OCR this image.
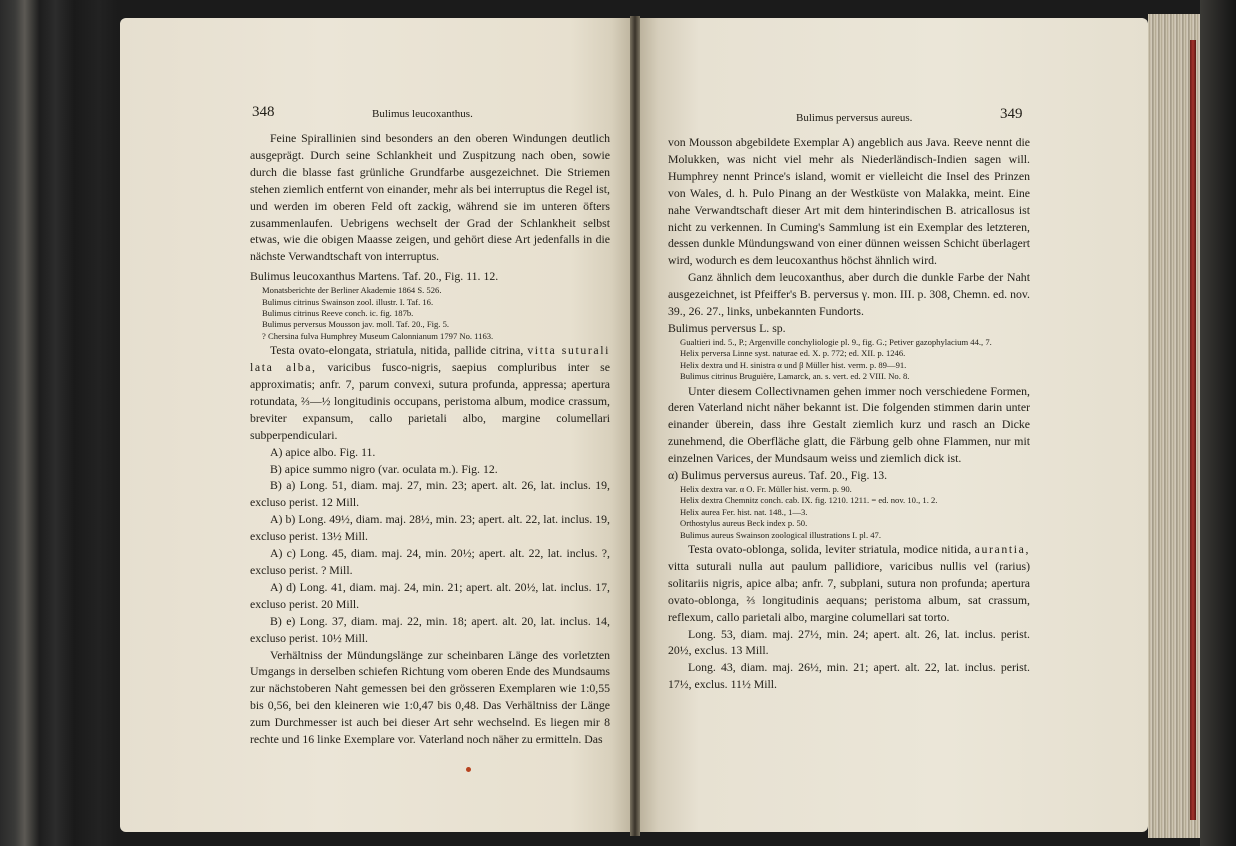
348	Bulimus leucoxanthus.

Feine Spirallinien sind besonders an den oberen Windungen deutlich ausgeprägt. Durch seine Schlankheit und Zuspitzung nach oben, sowie durch die blasse fast grünliche Grundfarbe ausgezeichnet. Die Striemen stehen ziemlich entfernt von einander, mehr als bei interruptus die Regel ist, und werden im oberen Feld oft zackig, während sie im unteren öfters zusammenlaufen. Uebrigens wechselt der Grad der Schlankheit selbst etwas, wie die obigen Maasse zeigen, und gehört diese Art jedenfalls in die nächste Verwandtschaft von interruptus.

Bulimus leucoxanthus Martens. Taf. 20., Fig. 11. 12.

Monatsberichte der Berliner Akademie 1864 S. 526.

Bulimus citrinus Swainson zool. illustr. I. Taf. 16.

Bulimus citrinus Reeve conch. ic. fig. 187b.

Bulimus perversus Mousson jav. moll. Taf. 20., Fig. 5.

? Chersina fulva Humphrey Museum Calonnianum 1797 No. 1163.

Testa ovato-elongata, striatula, nitida, pallide citrina, vitta suturali lata alba, varicibus fusco-nigris, saepius compluribus inter se approximatis; anfr. 7, parum convexi, sutura profunda, appressa; apertura rotundata, ⅔—½ longitudinis occupans, peristoma album, modice crassum, breviter expansum, callo parietali albo, margine columellari subperpendiculari.

A) apice albo. Fig. 11.

B) apice summo nigro (var. oculata m.). Fig. 12.

B) a) Long. 51, diam. maj. 27, min. 23; apert. alt. 26, lat. inclus. 19, excluso perist. 12 Mill.

A) b) Long. 49½, diam. maj. 28½, min. 23; apert. alt. 22, lat. inclus. 19, excluso perist. 13½ Mill.

A) c) Long. 45, diam. maj. 24, min. 20½; apert. alt. 22, lat. inclus. ?, excluso perist. ? Mill.

A) d) Long. 41, diam. maj. 24, min. 21; apert. alt. 20½, lat. inclus. 17, excluso perist. 20 Mill.

B) e) Long. 37, diam. maj. 22, min. 18; apert. alt. 20, lat. inclus. 14, excluso perist. 10½ Mill.

Verhältniss der Mündungslänge zur scheinbaren Länge des vorletzten Umgangs in derselben schiefen Richtung vom oberen Ende des Mundsaums zur nächstoberen Naht gemessen bei den grösseren Exemplaren wie 1:0,55 bis 0,56, bei den kleineren wie 1:0,47 bis 0,48. Das Verhältniss der Länge zum Durchmesser ist auch bei dieser Art sehr wechselnd. Es liegen mir 8 rechte und 16 linke Exemplare vor. Vaterland noch näher zu ermitteln. Das

Bulimus perversus aureus.	349

von Mousson abgebildete Exemplar A) angeblich aus Java. Reeve nennt die Molukken, was nicht viel mehr als Niederländisch-Indien sagen will. Humphrey nennt Prince's island, womit er vielleicht die Insel des Prinzen von Wales, d. h. Pulo Pinang an der Westküste von Malakka, meint. Eine nahe Verwandtschaft dieser Art mit dem hinterindischen B. atricallosus ist nicht zu verkennen. In Cuming's Sammlung ist ein Exemplar des letzteren, dessen dunkle Mündungswand von einer dünnen weissen Schicht überlagert wird, wodurch es dem leucoxanthus höchst ähnlich wird.

Ganz ähnlich dem leucoxanthus, aber durch die dunkle Farbe der Naht ausgezeichnet, ist Pfeiffer's B. perversus γ. mon. III. p. 308, Chemn. ed. nov. 39., 26. 27., links, unbekannten Fundorts.

Bulimus perversus L. sp.

Gualtieri ind. 5., P.; Argenville conchyliologie pl. 9., fig. G.; Petiver gazophylacium 44., 7.

Helix perversa Linne syst. naturae ed. X. p. 772; ed. XII. p. 1246.

Helix dextra und H. sinistra α und β Müller hist. verm. p. 89—91.

Bulimus citrinus Bruguière, Lamarck, an. s. vert. ed. 2 VIII. No. 8.

Unter diesem Collectivnamen gehen immer noch verschiedene Formen, deren Vaterland nicht näher bekannt ist. Die folgenden stimmen darin unter einander überein, dass ihre Gestalt ziemlich kurz und rasch an Dicke zunehmend, die Oberfläche glatt, die Färbung gelb ohne Flammen, nur mit einzelnen Varices, der Mundsaum weiss und ziemlich dick ist.

α) Bulimus perversus aureus. Taf. 20., Fig. 13.

Helix dextra var. α O. Fr. Müller hist. verm. p. 90.

Helix dextra Chemnitz conch. cab. IX. fig. 1210. 1211. = ed. nov. 10., 1. 2.

Helix aurea Fer. hist. nat. 148., 1—3.

Orthostylus aureus Beck index p. 50.

Bulimus aureus Swainson zoological illustrations I. pl. 47.

Testa ovato-oblonga, solida, leviter striatula, modice nitida, aurantia, vitta suturali nulla aut paulum pallidiore, varicibus nullis vel (rarius) solitariis nigris, apice alba; anfr. 7, subplani, sutura non profunda; apertura ovato-oblonga, ⅔ longitudinis aequans; peristoma album, sat crassum, reflexum, callo parietali albo, margine columellari sat torto.

Long. 53, diam. maj. 27½, min. 24; apert. alt. 26, lat. inclus. perist. 20½, exclus. 13 Mill.

Long. 43, diam. maj. 26½, min. 21; apert. alt. 22, lat. inclus. perist. 17½, exclus. 11½ Mill.
